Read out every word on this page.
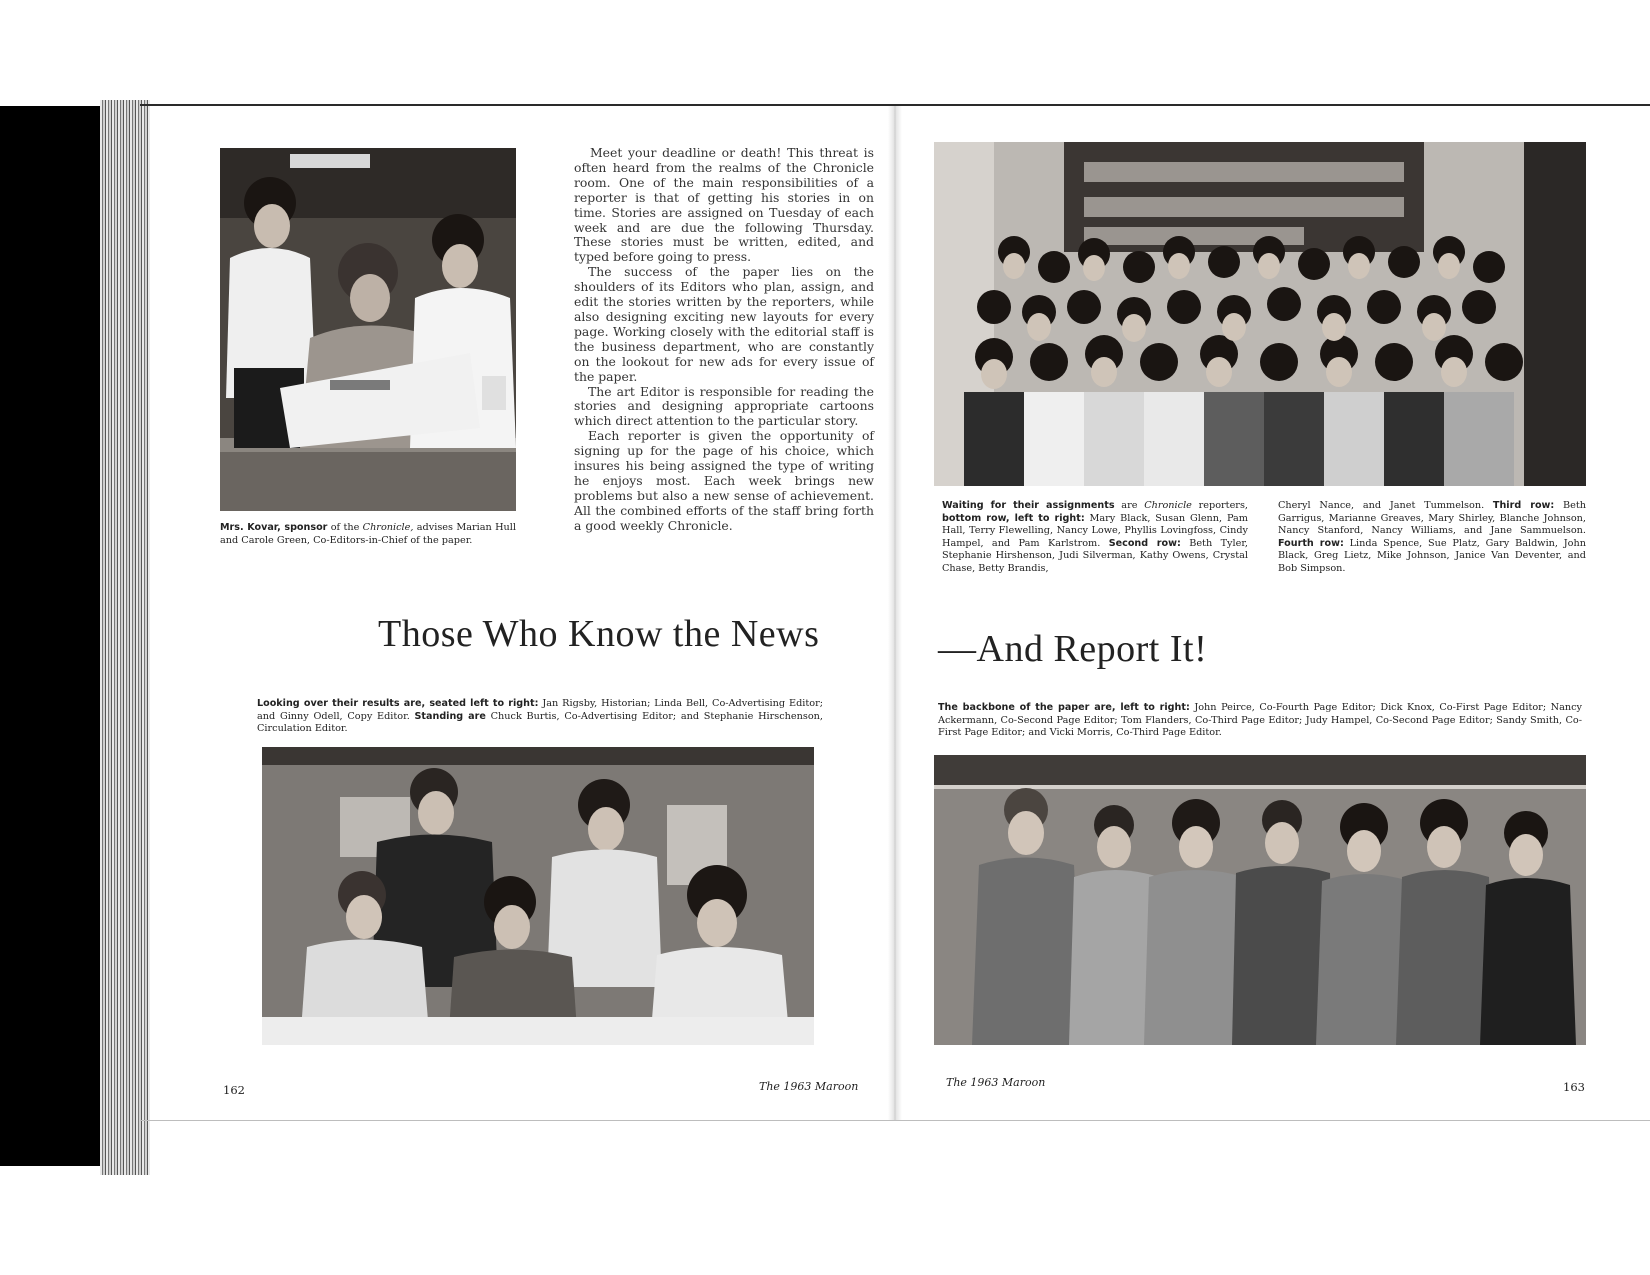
Mrs. Kovar, sponsor of the Chronicle, advises Marian Hull and Carole Green, Co-Editors-in-Chief of the paper.

Meet your deadline or death! This threat is often heard from the realms of the Chronicle room. One of the main responsibilities of a reporter is that of getting his stories in on time. Stories are assigned on Tuesday of each week and are due the following Thursday. These stories must be written, edited, and typed before going to press.

The success of the paper lies on the shoulders of its Editors who plan, assign, and edit the stories written by the reporters, while also designing exciting new layouts for every page. Working closely with the editorial staff is the business department, who are constantly on the lookout for new ads for every issue of the paper.

The art Editor is responsible for reading the stories and designing appropriate cartoons which direct attention to the particular story.

Each reporter is given the opportunity of signing up for the page of his choice, which insures his being assigned the type of writing he enjoys most. Each week brings new problems but also a new sense of achievement. All the combined efforts of the staff bring forth a good weekly Chronicle.

Those Who Know the News
Looking over their results are, seated left to right: Jan Rigsby, Historian; Linda Bell, Co-Advertising Editor; and Ginny Odell, Copy Editor. Standing are Chuck Burtis, Co-Advertising Editor; and Stephanie Hirschenson, Circulation Editor.
162	The 1963 Maroon
Waiting for their assignments are Chronicle reporters, bottom row, left to right: Mary Black, Susan Glenn, Pam Hall, Terry Flewelling, Nancy Lowe, Phyllis Lovingfoss, Cindy Hampel, and Pam Karlstrom. Second row: Beth Tyler, Stephanie Hirshenson, Judi Silverman, Kathy Owens, Crystal Chase, Betty Brandis,
Cheryl Nance, and Janet Tummelson. Third row: Beth Garrigus, Marianne Greaves, Mary Shirley, Blanche Johnson, Nancy Stanford, Nancy Williams, and Jane Sammuelson. Fourth row: Linda Spence, Sue Platz, Gary Baldwin, John Black, Greg Lietz, Mike Johnson, Janice Van Deventer, and Bob Simpson.
—And Report It!
The backbone of the paper are, left to right: John Peirce, Co-Fourth Page Editor; Dick Knox, Co-First Page Editor; Nancy Ackermann, Co-Second Page Editor; Tom Flanders, Co-Third Page Editor; Judy Hampel, Co-Second Page Editor; Sandy Smith, Co-First Page Editor; and Vicki Morris, Co-Third Page Editor.
The 1963 Maroon	163
